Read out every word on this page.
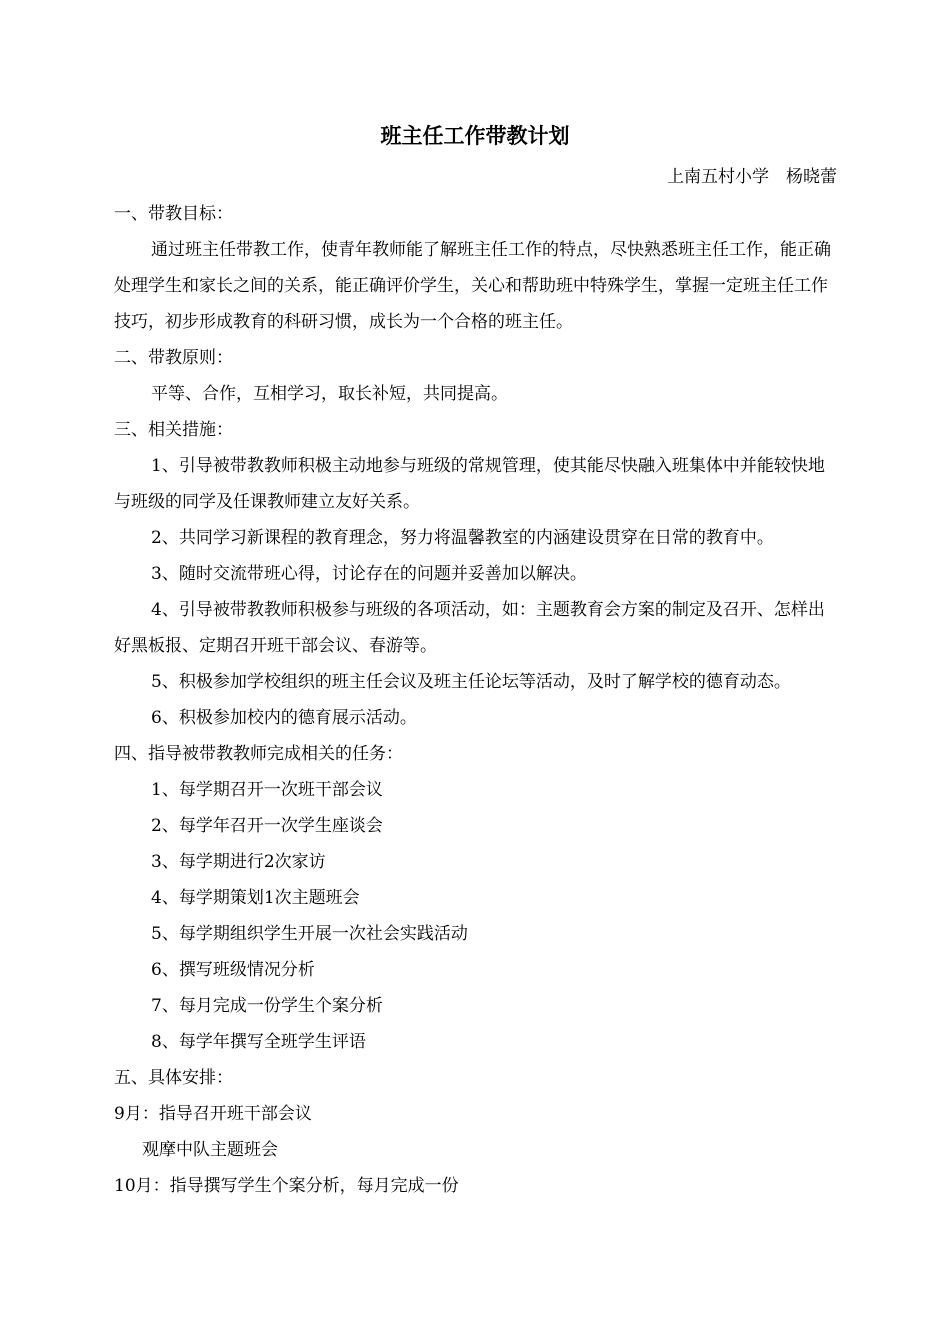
班主任工作带教计划
上南五村小学　杨晓蕾

一、带教目标：

通过班主任带教工作，使青年教师能了解班主任工作的特点，尽快熟悉班主任工作，能正确处理学生和家长之间的关系，能正确评价学生，关心和帮助班中特殊学生，掌握一定班主任工作技巧，初步形成教育的科研习惯，成长为一个合格的班主任。

二、带教原则：

平等、合作，互相学习，取长补短，共同提高。

三、相关措施：

1、引导被带教教师积极主动地参与班级的常规管理，使其能尽快融入班集体中并能较快地与班级的同学及任课教师建立友好关系。

2、共同学习新课程的教育理念，努力将温馨教室的内涵建设贯穿在日常的教育中。

3、随时交流带班心得，讨论存在的问题并妥善加以解决。

4、引导被带教教师积极参与班级的各项活动，如：主题教育会方案的制定及召开、怎样出好黑板报、定期召开班干部会议、春游等。

5、积极参加学校组织的班主任会议及班主任论坛等活动，及时了解学校的德育动态。

6、积极参加校内的德育展示活动。

四、指导被带教教师完成相关的任务：

1、每学期召开一次班干部会议

2、每学年召开一次学生座谈会

3、每学期进行2次家访

4、每学期策划1次主题班会

5、每学期组织学生开展一次社会实践活动

6、撰写班级情况分析

7、每月完成一份学生个案分析

8、每学年撰写全班学生评语

五、具体安排：

9月：指导召开班干部会议

观摩中队主题班会

10月：指导撰写学生个案分析，每月完成一份
